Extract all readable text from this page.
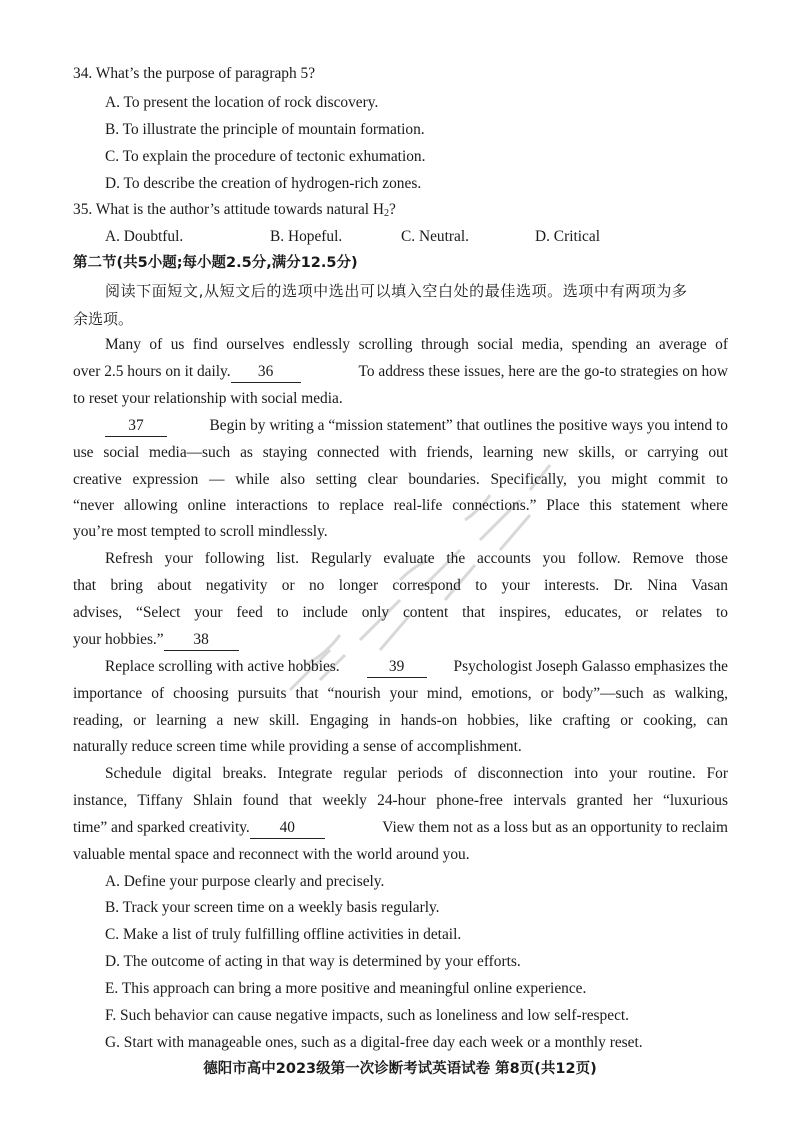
34. What’s the purpose of paragraph 5?
A. To present the location of rock discovery.
B. To illustrate the principle of mountain formation.
C. To explain the procedure of tectonic exhumation.
D. To describe the creation of hydrogen-rich zones.
35. What is the author’s attitude towards natural $H_2$?
A. Doubtful.	B. Hopeful.	C. Neutral.	D. Critical
第二节(共5小题;每小题2.5分,满分12.5分)
阅读下面短文,从短文后的选项中选出可以填入空白处的最佳选项。选项中有两项为多
余选项。
Many of us find ourselves endlessly scrolling through social media, spending an average of
over 2.5 hours on it daily. 36	To address these issues, here are the go-to strategies on how
to reset your relationship with social media.
37	Begin by writing a “mission statement” that outlines the positive ways you intend to
use social media—such as staying connected with friends, learning new skills, or carrying out
creative expression — while also setting clear boundaries. Specifically, you might commit to
“never allowing online interactions to replace real-life connections.” Place this statement where
you’re most tempted to scroll mindlessly.
Refresh your following list. Regularly evaluate the accounts you follow. Remove those
that bring about negativity or no longer correspond to your interests. Dr. Nina Vasan
advises, “Select your feed to include only content that inspires, educates, or relates to
your hobbies.” 38
Replace scrolling with active hobbies.	39	Psychologist Joseph Galasso emphasizes the
importance of choosing pursuits that “nourish your mind, emotions, or body”—such as walking,
reading, or learning a new skill. Engaging in hands-on hobbies, like crafting or cooking, can
naturally reduce screen time while providing a sense of accomplishment.
Schedule digital breaks. Integrate regular periods of disconnection into your routine. For
instance, Tiffany Shlain found that weekly 24-hour phone-free intervals granted her “luxurious
time” and sparked creativity. 40	View them not as a loss but as an opportunity to reclaim
valuable mental space and reconnect with the world around you.
A. Define your purpose clearly and precisely.
B. Track your screen time on a weekly basis regularly.
C. Make a list of truly fulfilling offline activities in detail.
D. The outcome of acting in that way is determined by your efforts.
E. This approach can bring a more positive and meaningful online experience.
F. Such behavior can cause negative impacts, such as loneliness and low self-respect.
G. Start with manageable ones, such as a digital-free day each week or a monthly reset.
德阳市高中2023级第一次诊断考试英语试卷 第8页(共12页)
